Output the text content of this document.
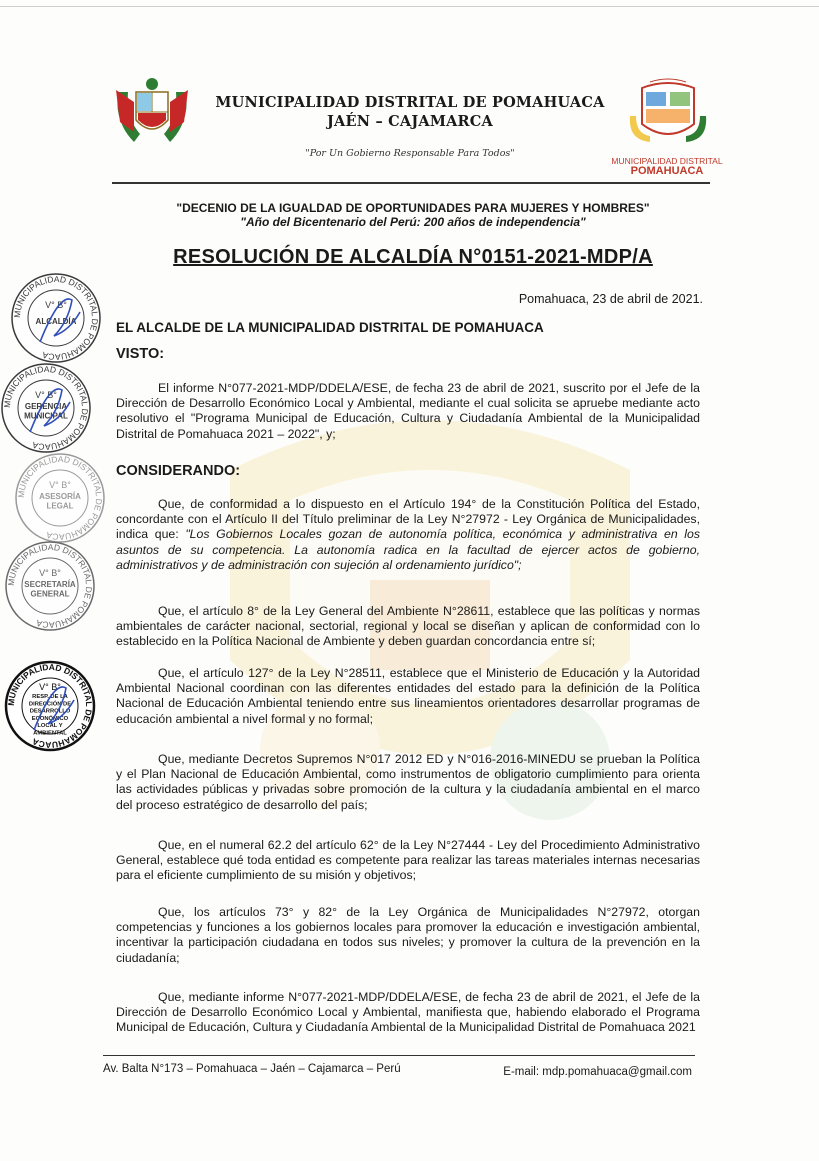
MUNICIPALIDAD DISTRITAL DE POMAHUACA
JAÉN – CAJAMARCA
"Por Un Gobierno Responsable Para Todos"
MUNICIPALIDAD DISTRITAL
POMAHUACA
"DECENIO DE LA IGUALDAD DE OPORTUNIDADES PARA MUJERES Y HOMBRES"
"Año del Bicentenario del Perú: 200 años de independencia"
RESOLUCIÓN DE ALCALDÍA N°0151-2021-MDP/A
Pomahuaca, 23 de abril de 2021.
EL ALCALDE DE LA MUNICIPALIDAD DISTRITAL DE POMAHUACA
VISTO:
El informe N°077-2021-MDP/DDELA/ESE, de fecha 23 de abril de 2021, suscrito por el Jefe de la Dirección de Desarrollo Económico Local y Ambiental, mediante el cual solicita se apruebe mediante acto resolutivo el "Programa Municipal de Educación, Cultura y Ciudadanía Ambiental de la Municipalidad Distrital de Pomahuaca 2021 – 2022", y;
CONSIDERANDO:
Que, de conformidad a lo dispuesto en el Artículo 194° de la Constitución Política del Estado, concordante con el Artículo II del Título preliminar de la Ley N°27972 - Ley Orgánica de Municipalidades, indica que: "Los Gobiernos Locales gozan de autonomía política, económica y administrativa en los asuntos de su competencia. La autonomía radica en la facultad de ejercer actos de gobierno, administrativos y de administración con sujeción al ordenamiento jurídico";
Que, el artículo 8° de la Ley General del Ambiente N°28611, establece que las políticas y normas ambientales de carácter nacional, sectorial, regional y local se diseñan y aplican de conformidad con lo establecido en la Política Nacional de Ambiente y deben guardan concordancia entre sí;
Que, el artículo 127° de la Ley N°28511, establece que el Ministerio de Educación y la Autoridad Ambiental Nacional coordinan con las diferentes entidades del estado para la definición de la Política Nacional de Educación Ambiental teniendo entre sus lineamientos orientadores desarrollar programas de educación ambiental a nivel formal y no formal;
Que, mediante Decretos Supremos N°017 2012 ED y N°016-2016-MINEDU se prueban la Política y el Plan Nacional de Educación Ambiental, como instrumentos de obligatorio cumplimiento para orienta las actividades públicas y privadas sobre promoción de la cultura y la ciudadanía ambiental en el marco del proceso estratégico de desarrollo del país;
Que, en el numeral 62.2 del artículo 62° de la Ley N°27444 - Ley del Procedimiento Administrativo General, establece qué toda entidad es competente para realizar las tareas materiales internas necesarias para el eficiente cumplimiento de su misión y objetivos;
Que, los artículos 73° y 82° de la Ley Orgánica de Municipalidades N°27972, otorgan competencias y funciones a los gobiernos locales para promover la educación e investigación ambiental, incentivar la participación ciudadana en todos sus niveles; y promover la cultura de la prevención en la ciudadanía;
Que, mediante informe N°077-2021-MDP/DDELA/ESE, de fecha 23 de abril de 2021, el Jefe de la Dirección de Desarrollo Económico Local y Ambiental, manifiesta que, habiendo elaborado el Programa Municipal de Educación, Cultura y Ciudadanía Ambiental de la Municipalidad Distrital de Pomahuaca 2021
MUNICIPALIDAD DISTRITAL DE POMAHUACA
V° B°
ALCALDÍA
MUNICIPALIDAD DISTRITAL DE POMAHUACA
V° B°
GERENCIA
MUNICIPAL
MUNICIPALIDAD DISTRITAL DE POMAHUACA
V° B°
ASESORÍA
LEGAL
MUNICIPALIDAD DISTRITAL DE POMAHUACA
V° B°
SECRETARÍA
GENERAL
MUNICIPALIDAD DISTRITAL DE POMAHUACA
V° B°
RESP. DE LA
DIRECCIÓN DE
DESARROLLO
ECONÓMICO
LOCAL Y
AMBIENTAL
Av. Balta N°173 – Pomahuaca – Jaén – Cajamarca – Perú	E-mail: mdp.pomahuaca@gmail.com
